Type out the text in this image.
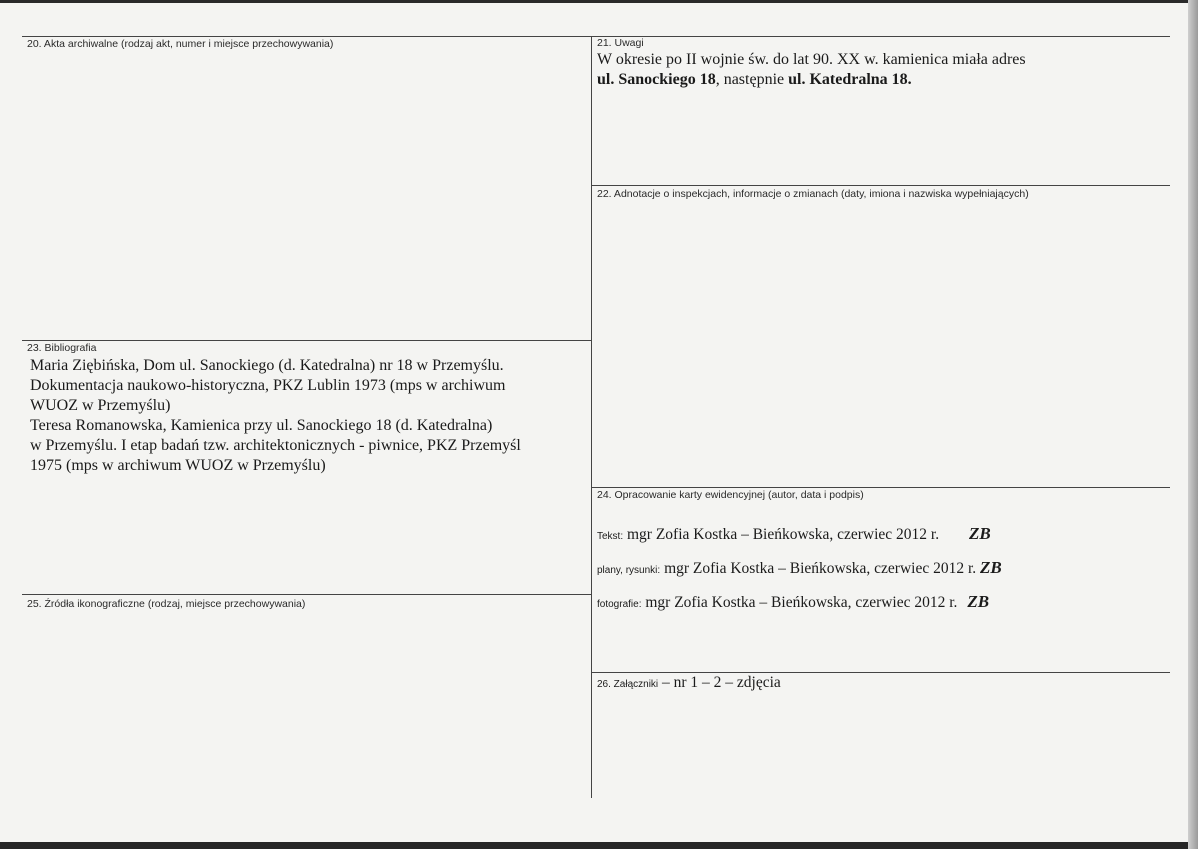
20. Akta archiwalne (rodzaj akt, numer i miejsce przechowywania)	21. Uwagi
W okresie po II wojnie św. do lat 90. XX w. kamienica miała adres
ul. Sanockiego 18, następnie ul. Katedralna 18.
22. Adnotacje o inspekcjach, informacje o zmianach (daty, imiona i nazwiska wypełniających)
23. Bibliografia
Maria Ziębińska, Dom ul. Sanockiego (d. Katedralna) nr 18 w Przemyślu.
Dokumentacja naukowo-historyczna, PKZ Lublin 1973 (mps w archiwum
WUOZ w Przemyślu)
Teresa Romanowska, Kamienica przy ul. Sanockiego 18 (d. Katedralna)
w Przemyślu. I etap badań tzw. architektonicznych - piwnice, PKZ Przemyśl
1975 (mps w archiwum WUOZ w Przemyślu)
24. Opracowanie karty ewidencyjnej (autor, data i podpis)
Tekst: mgr Zofia Kostka – Bieńkowska, czerwiec 2012 r. ZB
plany, rysunki: mgr Zofia Kostka – Bieńkowska, czerwiec 2012 r. ZB
fotografie: mgr Zofia Kostka – Bieńkowska, czerwiec 2012 r. ZB
25. Źródła ikonograficzne (rodzaj, miejsce przechowywania)
26. Załączniki – nr 1 – 2 – zdjęcia
